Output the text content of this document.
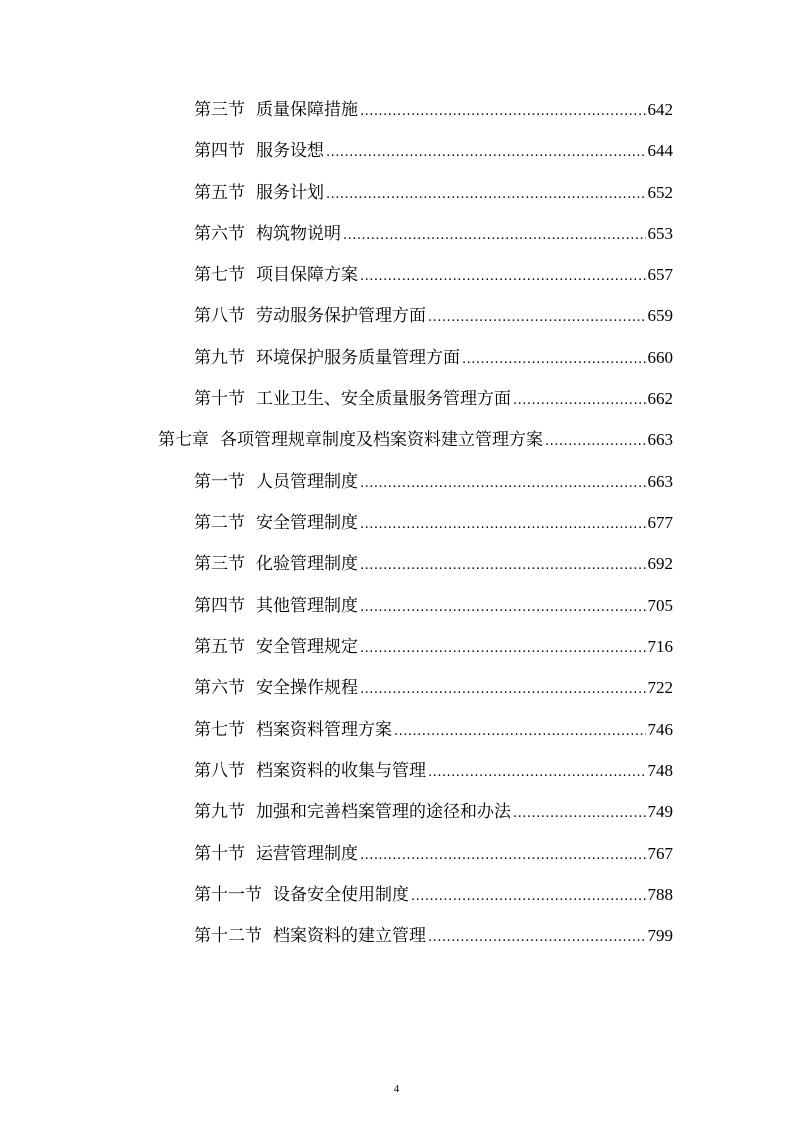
第三节 质量保障措施 .....	642
第四节 服务设想 .....	644
第五节 服务计划 .....	652
第六节 构筑物说明 .....	653
第七节 项目保障方案 .....	657
第八节 劳动服务保护管理方面 .....	659
第九节 环境保护服务质量管理方面 .....	660
第十节 工业卫生、安全质量服务管理方面 .....	662
第七章 各项管理规章制度及档案资料建立管理方案 .....	663
第一节 人员管理制度 .....	663
第二节 安全管理制度 .....	677
第三节 化验管理制度 .....	692
第四节 其他管理制度 .....	705
第五节 安全管理规定 .....	716
第六节 安全操作规程 .....	722
第七节 档案资料管理方案 .....	746
第八节 档案资料的收集与管理 .....	748
第九节 加强和完善档案管理的途径和办法 .....	749
第十节 运营管理制度 .....	767
第十一节 设备安全使用制度 .....	788
第十二节 档案资料的建立管理 .....	799
4
